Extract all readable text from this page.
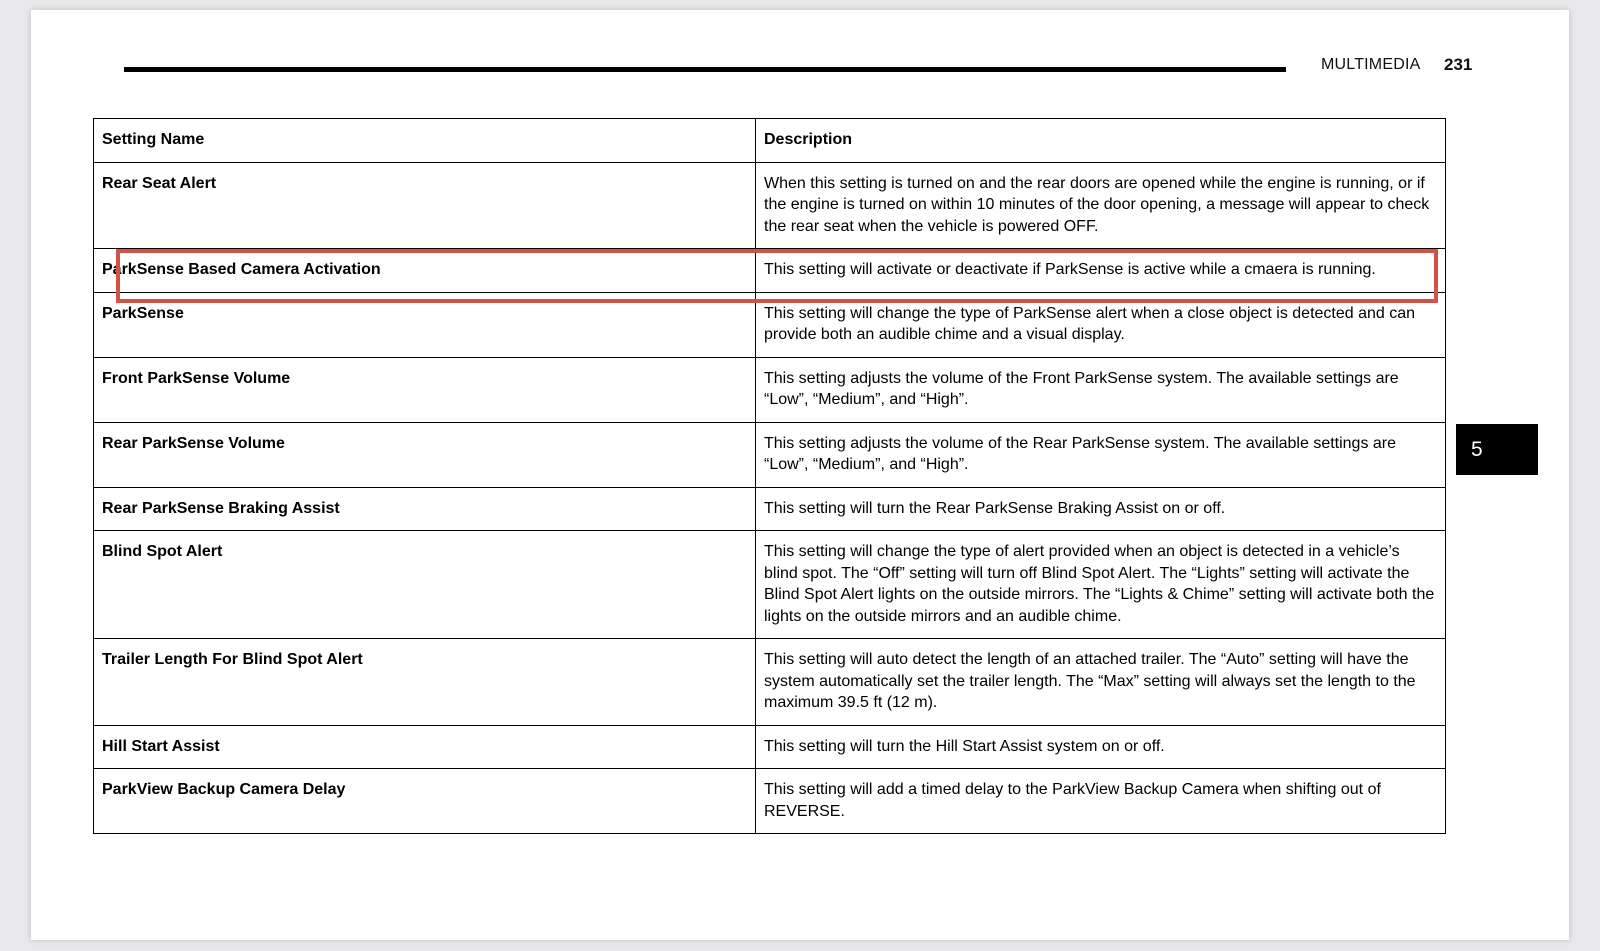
MULTIMEDIA 231
5
Setting Name	Description
Rear Seat Alert	When this setting is turned on and the rear doors are opened while the engine is running, or if the engine is turned on within 10 minutes of the door opening, a message will appear to check the rear seat when the vehicle is powered OFF.
ParkSense Based Camera Activation	This setting will activate or deactivate if ParkSense is active while a cmaera is running.
ParkSense	This setting will change the type of ParkSense alert when a close object is detected and can provide both an audible chime and a visual display.
Front ParkSense Volume	This setting adjusts the volume of the Front ParkSense system. The available settings are “Low”, “Medium”, and “High”.
Rear ParkSense Volume	This setting adjusts the volume of the Rear ParkSense system. The available settings are “Low”, “Medium”, and “High”.
Rear ParkSense Braking Assist	This setting will turn the Rear ParkSense Braking Assist on or off.
Blind Spot Alert	This setting will change the type of alert provided when an object is detected in a vehicle’s blind spot. The “Off” setting will turn off Blind Spot Alert. The “Lights” setting will activate the Blind Spot Alert lights on the outside mirrors. The “Lights & Chime” setting will activate both the lights on the outside mirrors and an audible chime.
Trailer Length For Blind Spot Alert	This setting will auto detect the length of an attached trailer. The “Auto” setting will have the system automatically set the trailer length. The “Max” setting will always set the length to the maximum 39.5 ft (12 m).
Hill Start Assist	This setting will turn the Hill Start Assist system on or off.
ParkView Backup Camera Delay	This setting will add a timed delay to the ParkView Backup Camera when shifting out of REVERSE.
